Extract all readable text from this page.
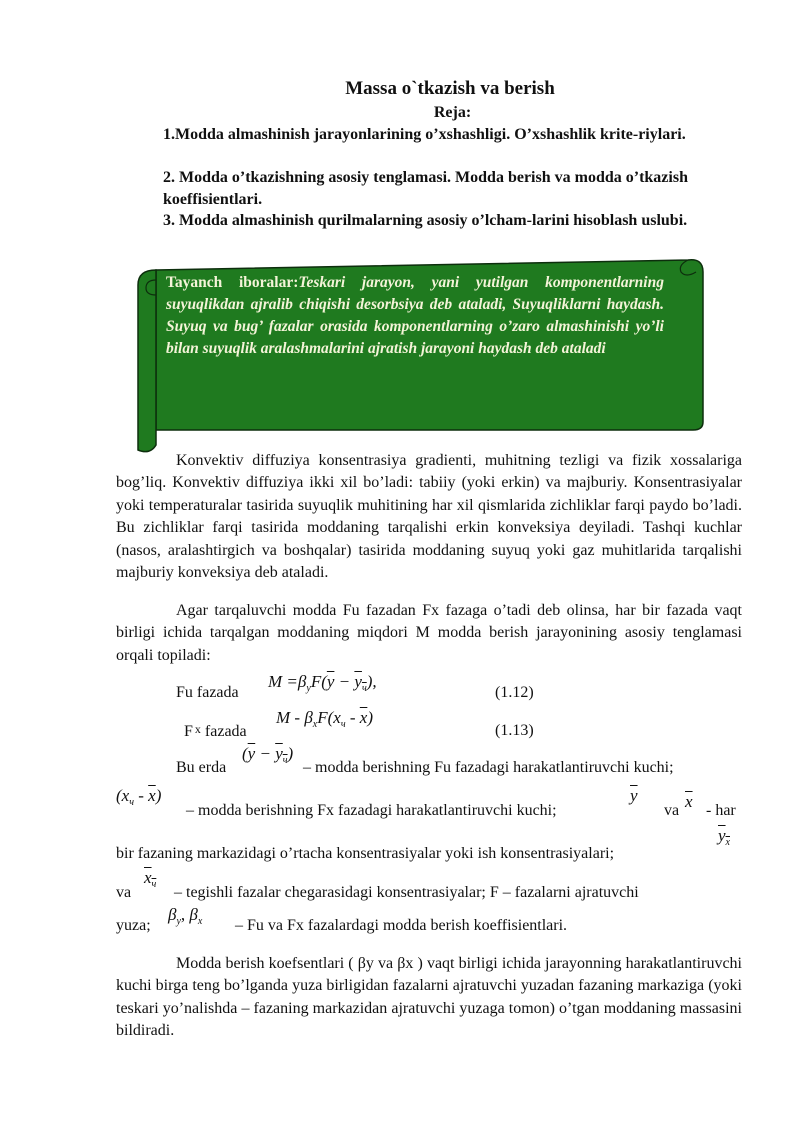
Massa o`tkazish va berish
Reja:
1.Modda almashinish jarayonlarining o’xshashligi. O’xshashlik krite-riylari.
2. Modda o’tkazishning asosiy tenglamasi. Modda berish va modda o’tkazish koeffisientlari.
3. Modda almashinish qurilmalarning asosiy o’lcham-larini hisoblash uslubi.
Tayanch iboralar:Teskari jarayon, yani yutilgan komponentlarning suyuqlikdan ajralib chiqishi desorbsiya deb ataladi, Suyuqliklarni haydash. Suyuq va bug’ fazalar orasida komponentlarning o’zaro almashinishi yo’li bilan suyuqlik aralashmalarini ajratish jarayoni haydash deb ataladi

Konvektiv diffuziya konsentrasiya gradienti, muhitning tezligi va fizik xossalariga bog’liq. Konvektiv diffuziya ikki xil bo’ladi: tabiiy (yoki erkin) va majburiy. Konsentrasiyalar yoki temperaturalar tasirida suyuqlik muhitining har xil qismlarida zichliklar farqi paydo bo’ladi. Bu zichliklar farqi tasirida moddaning tarqalishi erkin konveksiya deyiladi. Tashqi kuchlar (nasos, aralashtirgich va boshqalar) tasirida moddaning suyuq yoki gaz muhitlarida tarqalishi majburiy konveksiya deb ataladi.

Agar tarqaluvchi modda Fu fazadan Fx fazaga o’tadi deb olinsa, har bir fazada vaqt birligi ichida tarqalgan moddaning miqdori M modda berish jarayonining asosiy tenglamasi orqali topiladi:

Fu fazada
$M =\beta_yF(\overline{y} - y_ч)$,
(1.12)
F x fazada
M - $\beta_xF(x_ч - \overline{x})$
(1.13)
Bu erda
$(\overline{y} - y_ч)$
– modda berishning Fu fazadagi harakatlantiruvchi kuchi;
$(x_ч - \overline{x})$
– modda berishning Fx fazadagi harakatlantiruvchi kuchi;
$\overline{y}$
va $\overline{x}$ - har
$y_x$
bir fazaning markazidagi o’rtacha konsentrasiyalar yoki ish konsentrasiyalari;
va
$x_ч$ – tegishli fazalar chegarasidagi konsentrasiyalar; F – fazalarni ajratuvchi
yuza;
$\beta_y$, $\beta_x$ – Fu va Fx fazalardagi modda berish koeffisientlari.

Modda berish koefsentlari ( βy va βx ) vaqt birligi ichida jarayonning harakatlantiruvchi kuchi birga teng bo’lganda yuza birligidan fazalarni ajratuvchi yuzadan fazaning markaziga (yoki teskari yo’nalishda – fazaning markazidan ajratuvchi yuzaga tomon) o’tgan moddaning massasini bildiradi.
